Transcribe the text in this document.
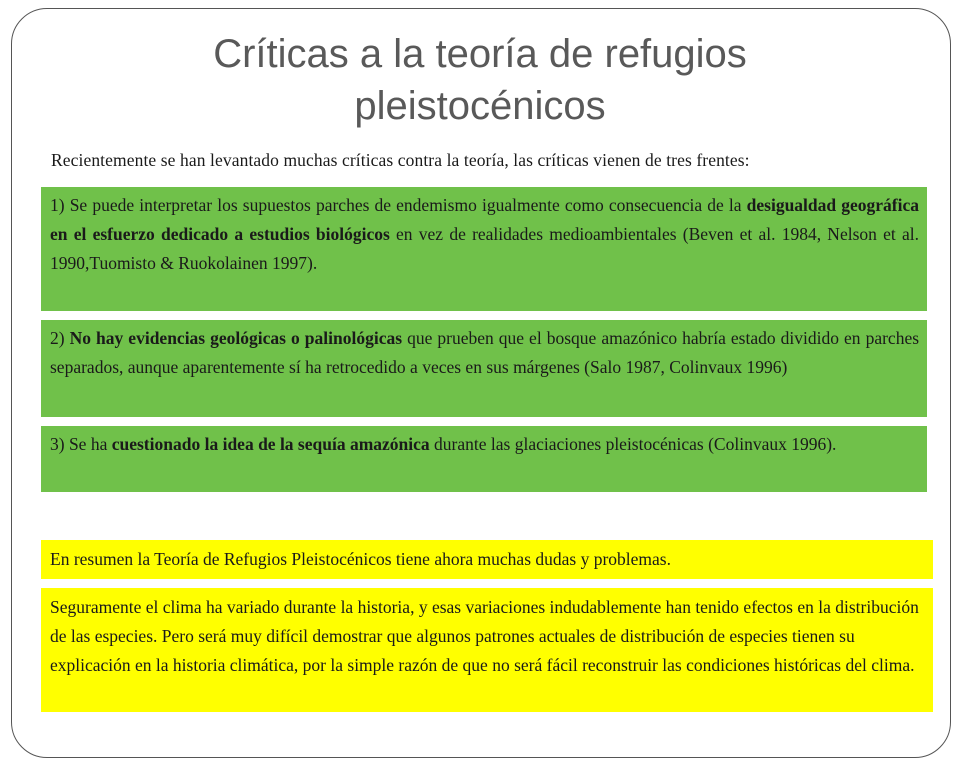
Críticas a la teoría de refugios
pleistocénicos

Recientemente se han levantado muchas críticas contra la teoría, las críticas vienen de tres frentes:

1) Se puede interpretar los supuestos parches de endemismo igualmente como consecuencia de la desigualdad geográfica en el esfuerzo dedicado a estudios biológicos en vez de realidades medioambientales (Beven et al. 1984, Nelson et al. 1990,Tuomisto & Ruokolainen 1997).
2) No hay evidencias geológicas o palinológicas que prueben que el bosque amazónico habría estado dividido en parches separados, aunque aparentemente sí ha retrocedido a veces en sus márgenes (Salo 1987, Colinvaux 1996)
3) Se ha cuestionado la idea de la sequía amazónica durante las glaciaciones pleistocénicas (Colinvaux 1996).
En resumen la Teoría de Refugios Pleistocénicos tiene ahora muchas dudas y problemas.
Seguramente el clima ha variado durante la historia, y esas variaciones indudablemente han tenido efectos en la distribución de las especies. Pero será muy difícil demostrar que algunos patrones actuales de distribución de especies tienen su explicación en la historia climática, por la simple razón de que no será fácil reconstruir las condiciones históricas del clima.
